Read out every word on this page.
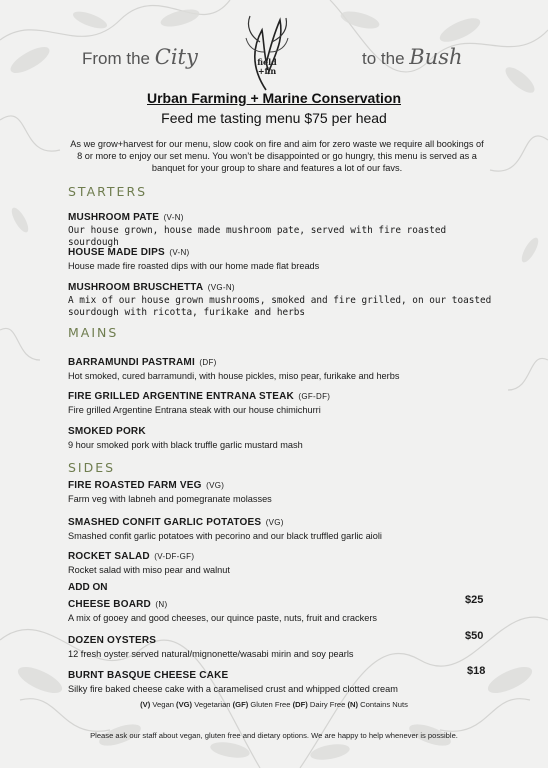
From the City	field
+fin
to the Bush
Urban Farming + Marine Conservation
Feed me tasting menu $75 per head
As we grow+harvest for our menu, slow cook on fire and aim for zero waste we require all bookings of 8 or more to enjoy our set menu. You won’t be disappointed or go hungry, this menu is served as a banquet for your group to share and features a lot of our favs.
STARTERS
MUSHROOM PATE (V-N)
Our house grown, house made mushroom pate, served with fire roasted sourdough
HOUSE MADE DIPS (V-N)
House made fire roasted dips with our home made flat breads
MUSHROOM BRUSCHETTA (VG-N)
A mix of our house grown mushrooms, smoked and fire grilled, on our toasted sourdough with ricotta, furikake and herbs
MAINS
BARRAMUNDI PASTRAMI (DF)
Hot smoked, cured barramundi, with house pickles, miso pear, furikake and herbs
FIRE GRILLED ARGENTINE ENTRANA STEAK (GF-DF)
Fire grilled Argentine Entrana steak with our house chimichurri
SMOKED PORK
9 hour smoked pork with black truffle garlic mustard mash
SIDES
FIRE ROASTED FARM VEG (VG)
Farm veg with labneh and pomegranate molasses
SMASHED CONFIT GARLIC POTATOES (VG)
Smashed confit garlic potatoes with pecorino and our black truffled garlic aioli
ROCKET SALAD (V-DF-GF)
Rocket salad with miso pear and walnut
ADD ON
CHEESE BOARD (N)
A mix of gooey and good cheeses, our quince paste, nuts, fruit and crackers
$25
DOZEN OYSTERS
12 fresh oyster served natural/mignonette/wasabi mirin and soy pearls
$50
BURNT BASQUE CHEESE CAKE
Silky fire baked cheese cake with a caramelised crust and whipped clotted cream
$18
(V) Vegan (VG) Vegetarian (GF) Gluten Free (DF) Dairy Free (N) Contains Nuts
Please ask our staff about vegan, gluten free and dietary options. We are happy to help whenever is possible.
